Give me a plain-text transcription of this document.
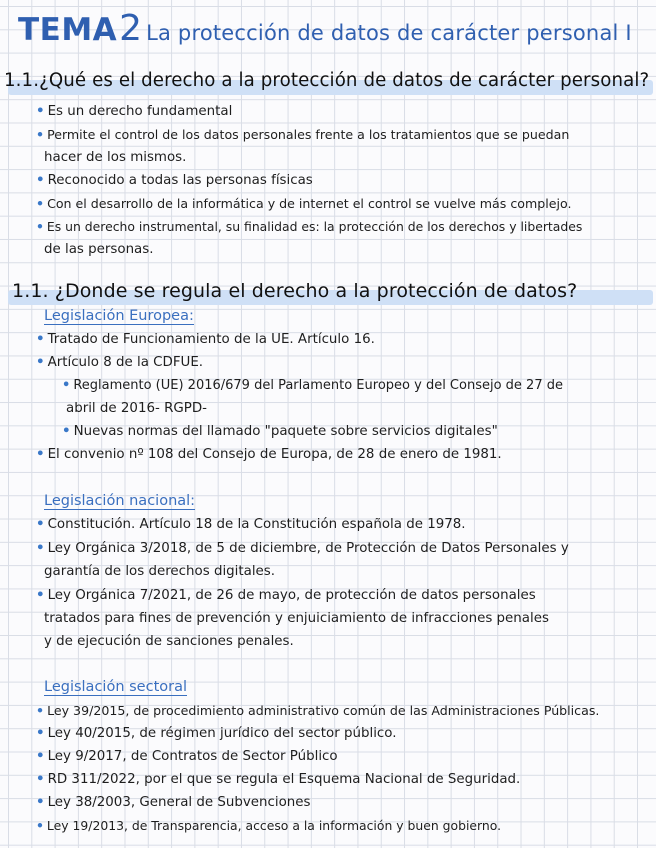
TEMA2 La protección de datos de carácter personal I
1.1.¿Qué es el derecho a la protección de datos de carácter personal?
• Es un derecho fundamental
• Permite el control de los datos personales frente a los tratamientos que se puedan
hacer de los mismos.
• Reconocido a todas las personas físicas
• Con el desarrollo de la informática y de internet el control se vuelve más complejo.
• Es un derecho instrumental, su finalidad es: la protección de los derechos y libertades
de las personas.
1.1. ¿Donde se regula el derecho a la protección de datos?
Legislación Europea:
• Tratado de Funcionamiento de la UE. Artículo 16.
• Artículo 8 de la CDFUE.
• Reglamento (UE) 2016/679 del Parlamento Europeo y del Consejo de 27 de
abril de 2016- RGPD-
• Nuevas normas del llamado "paquete sobre servicios digitales"
• El convenio nº 108 del Consejo de Europa, de 28 de enero de 1981.
Legislación nacional:
• Constitución. Artículo 18 de la Constitución española de 1978.
• Ley Orgánica 3/2018, de 5 de diciembre, de Protección de Datos Personales y
garantía de los derechos digitales.
• Ley Orgánica 7/2021, de 26 de mayo, de protección de datos personales
tratados para fines de prevención y enjuiciamiento de infracciones penales
y de ejecución de sanciones penales.
Legislación sectoral
• Ley 39/2015, de procedimiento administrativo común de las Administraciones Públicas.
• Ley 40/2015, de régimen jurídico del sector público.
• Ley 9/2017, de Contratos de Sector Público
• RD 311/2022, por el que se regula el Esquema Nacional de Seguridad.
• Ley 38/2003, General de Subvenciones
• Ley 19/2013, de Transparencia, acceso a la información y buen gobierno.
